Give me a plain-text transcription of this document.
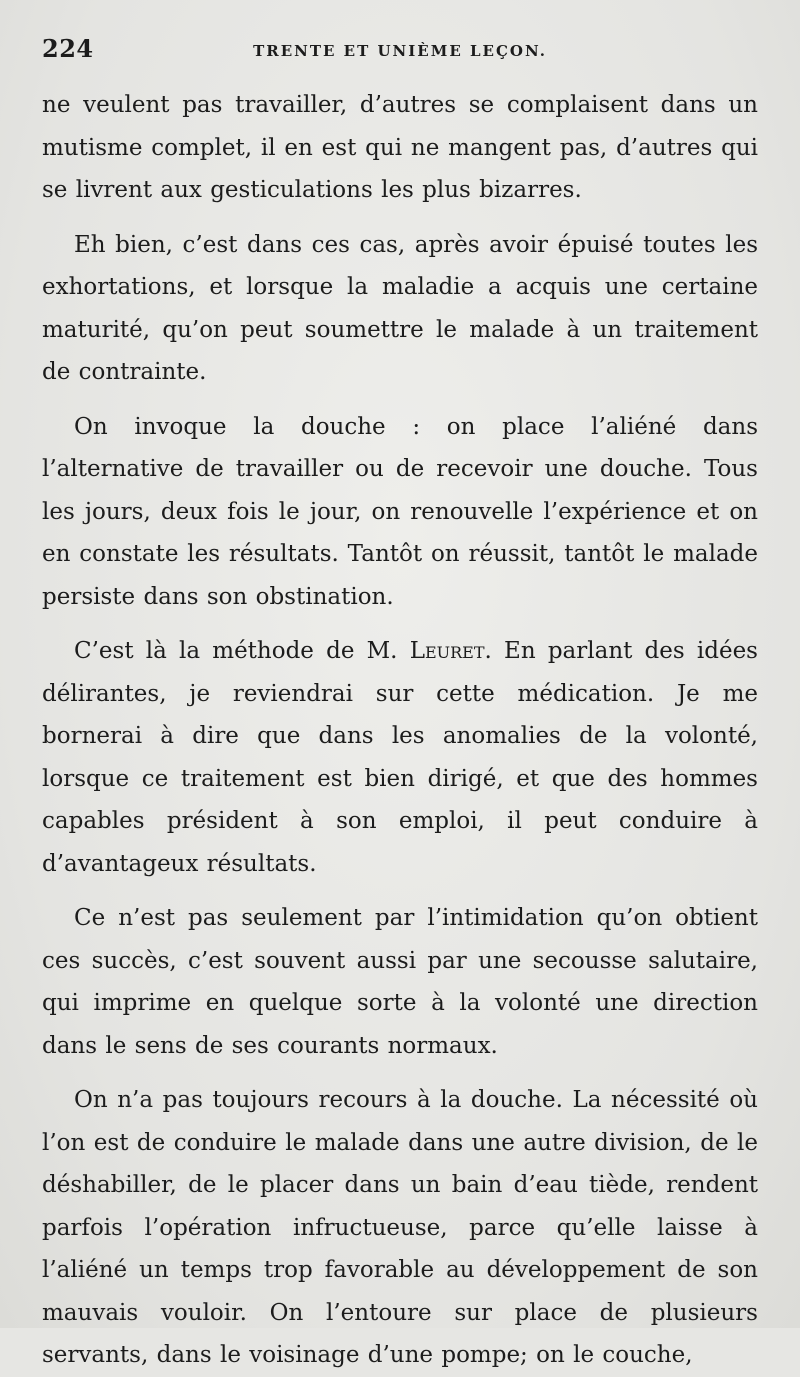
224	TRENTE ET UNIÈME LEÇON.

ne veulent pas travailler, d’autres se complaisent dans un mutisme complet, il en est qui ne mangent pas, d’autres qui se livrent aux gesticulations les plus bizarres.

Eh bien, c’est dans ces cas, après avoir épuisé toutes les exhortations, et lorsque la maladie a acquis une certaine maturité, qu’on peut soumettre le malade à un traitement de contrainte.

On invoque la douche : on place l’aliéné dans l’alternative de travailler ou de recevoir une douche. Tous les jours, deux fois le jour, on renouvelle l’expérience et on en constate les résultats. Tantôt on réussit, tantôt le malade persiste dans son obstination.

C’est là la méthode de M. Leuret. En parlant des idées délirantes, je reviendrai sur cette médication. Je me bornerai à dire que dans les anomalies de la volonté, lorsque ce traitement est bien dirigé, et que des hommes capables président à son emploi, il peut conduire à d’avantageux résultats.

Ce n’est pas seulement par l’intimidation qu’on obtient ces succès, c’est souvent aussi par une secousse salutaire, qui imprime en quelque sorte à la volonté une direction dans le sens de ses courants normaux.

On n’a pas toujours recours à la douche. La nécessité où l’on est de conduire le malade dans une autre division, de le déshabiller, de le placer dans un bain d’eau tiède, rendent parfois l’opération infructueuse, parce qu’elle laisse à l’aliéné un temps trop favorable au développement de son mauvais vouloir. On l’entoure sur place de plusieurs servants, dans le voisinage d’une pompe; on le couche,
